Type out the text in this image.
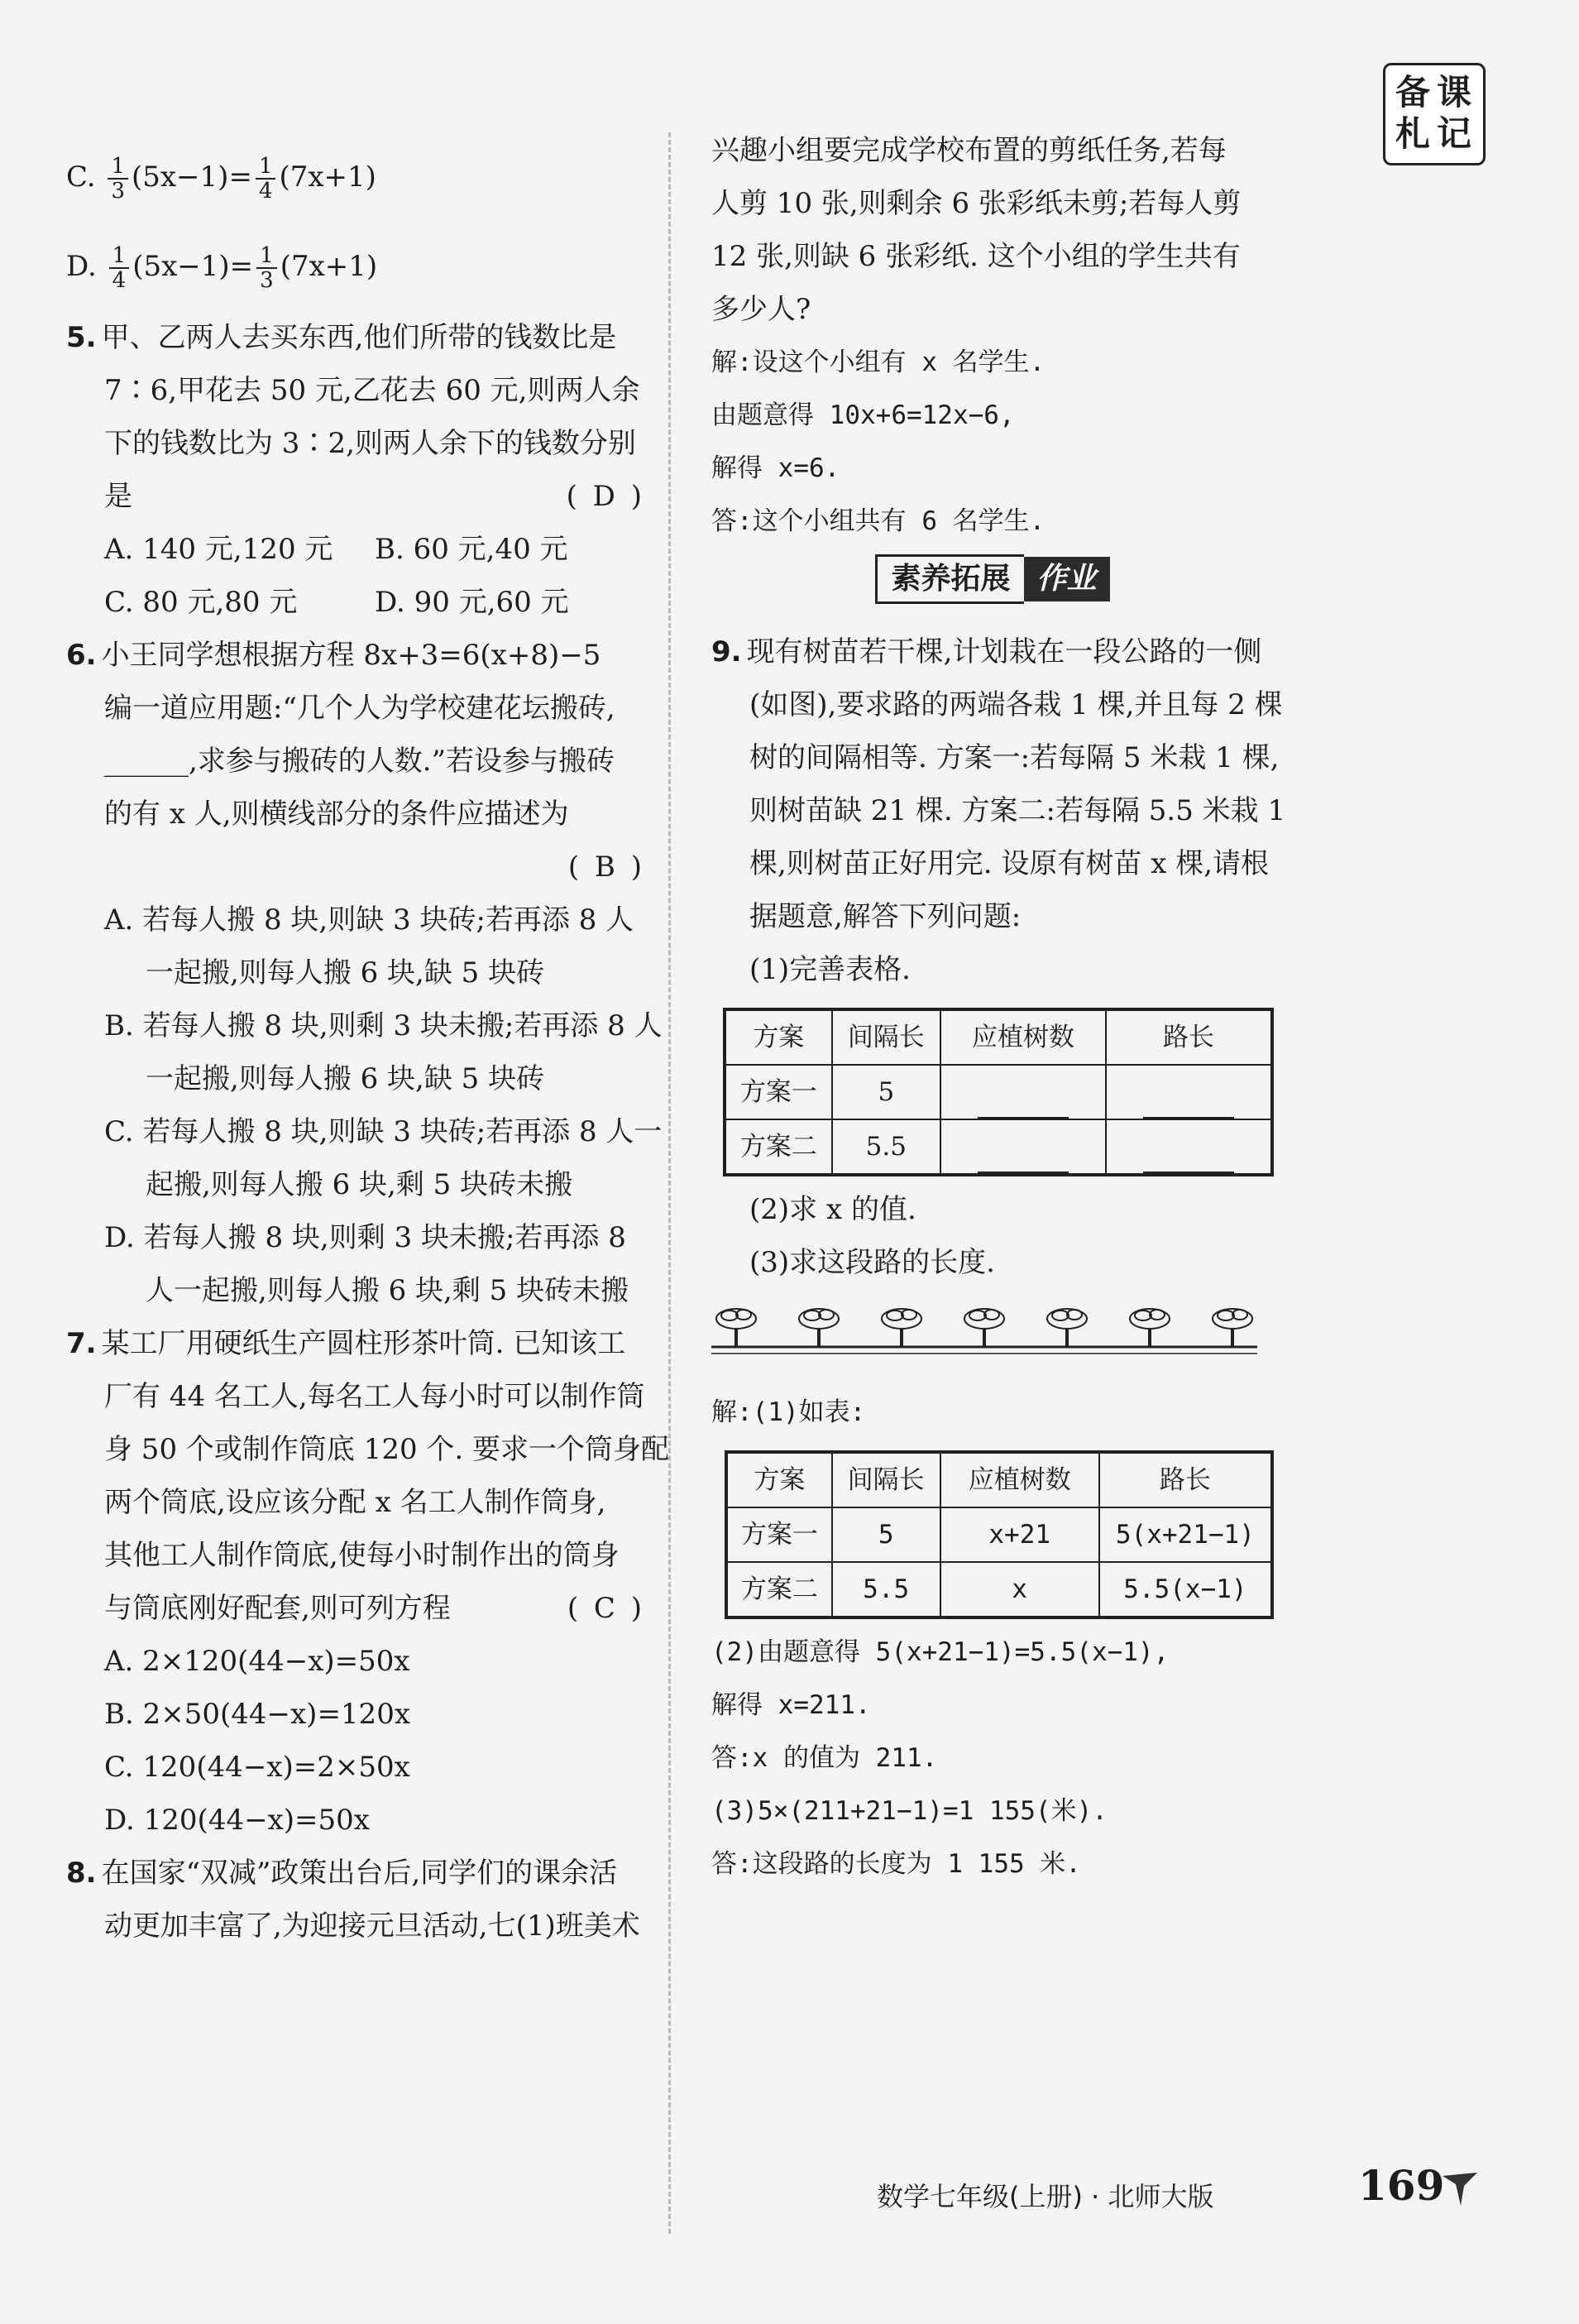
备 课
札 记
C. $\frac{1}{3} (5x-1)= \frac{1}{4} (7x+1)$
D. $\frac{1}{4} (5x-1)= \frac{1}{3} (7x+1)$
5. 甲、乙两人去买东西,他们所带的钱数比是
7∶6,甲花去 50 元,乙花去 60 元,则两人余
下的钱数比为 3∶2,则两人余下的钱数分别
是	( D )
A. 140 元,120 元	B. 60 元,40 元
C. 80 元,80 元	D. 90 元,60 元
6. 小王同学想根据方程 8x+3=6(x+8)−5
编一道应用题:“几个人为学校建花坛搬砖,
______,求参与搬砖的人数.”若设参与搬砖
的有 x 人,则横线部分的条件应描述为
( B )
A. 若每人搬 8 块,则缺 3 块砖;若再添 8 人
一起搬,则每人搬 6 块,缺 5 块砖
B. 若每人搬 8 块,则剩 3 块未搬;若再添 8 人
一起搬,则每人搬 6 块,缺 5 块砖
C. 若每人搬 8 块,则缺 3 块砖;若再添 8 人一
起搬,则每人搬 6 块,剩 5 块砖未搬
D. 若每人搬 8 块,则剩 3 块未搬;若再添 8
人一起搬,则每人搬 6 块,剩 5 块砖未搬
7. 某工厂用硬纸生产圆柱形茶叶筒. 已知该工
厂有 44 名工人,每名工人每小时可以制作筒
身 50 个或制作筒底 120 个. 要求一个筒身配
两个筒底,设应该分配 x 名工人制作筒身,
其他工人制作筒底,使每小时制作出的筒身
与筒底刚好配套,则可列方程	( C )
A. 2×120(44−x)=50x
B. 2×50(44−x)=120x
C. 120(44−x)=2×50x
D. 120(44−x)=50x
8. 在国家“双减”政策出台后,同学们的课余活
动更加丰富了,为迎接元旦活动,七(1)班美术
兴趣小组要完成学校布置的剪纸任务,若每
人剪 10 张,则剩余 6 张彩纸未剪;若每人剪
12 张,则缺 6 张彩纸. 这个小组的学生共有
多少人?
解:设这个小组有 x 名学生.
由题意得 10x+6=12x−6,
解得 x=6.
答:这个小组共有 6 名学生.
素养拓展 作业
9. 现有树苗若干棵,计划栽在一段公路的一侧
(如图),要求路的两端各栽 1 棵,并且每 2 棵
树的间隔相等. 方案一:若每隔 5 米栽 1 棵,
则树苗缺 21 棵. 方案二:若每隔 5.5 米栽 1
棵,则树苗正好用完. 设原有树苗 x 棵,请根
据题意,解答下列问题:
(1)完善表格.
方案	间隔长	应植树数	路长
方案一	5		
方案二	5.5		
(2)求 x 的值.
(3)求这段路的长度.
解:(1)如表:
方案	间隔长	应植树数	路长
方案一	5	x+21	5(x+21−1)
方案二	5.5	x	5.5(x−1)
(2)由题意得 5(x+21−1)=5.5(x−1),
解得 x=211.
答:x 的值为 211.
(3)5×(211+21−1)=1 155(米).
答:这段路的长度为 1 155 米.
数学七年级(上册) · 北师大版	169
